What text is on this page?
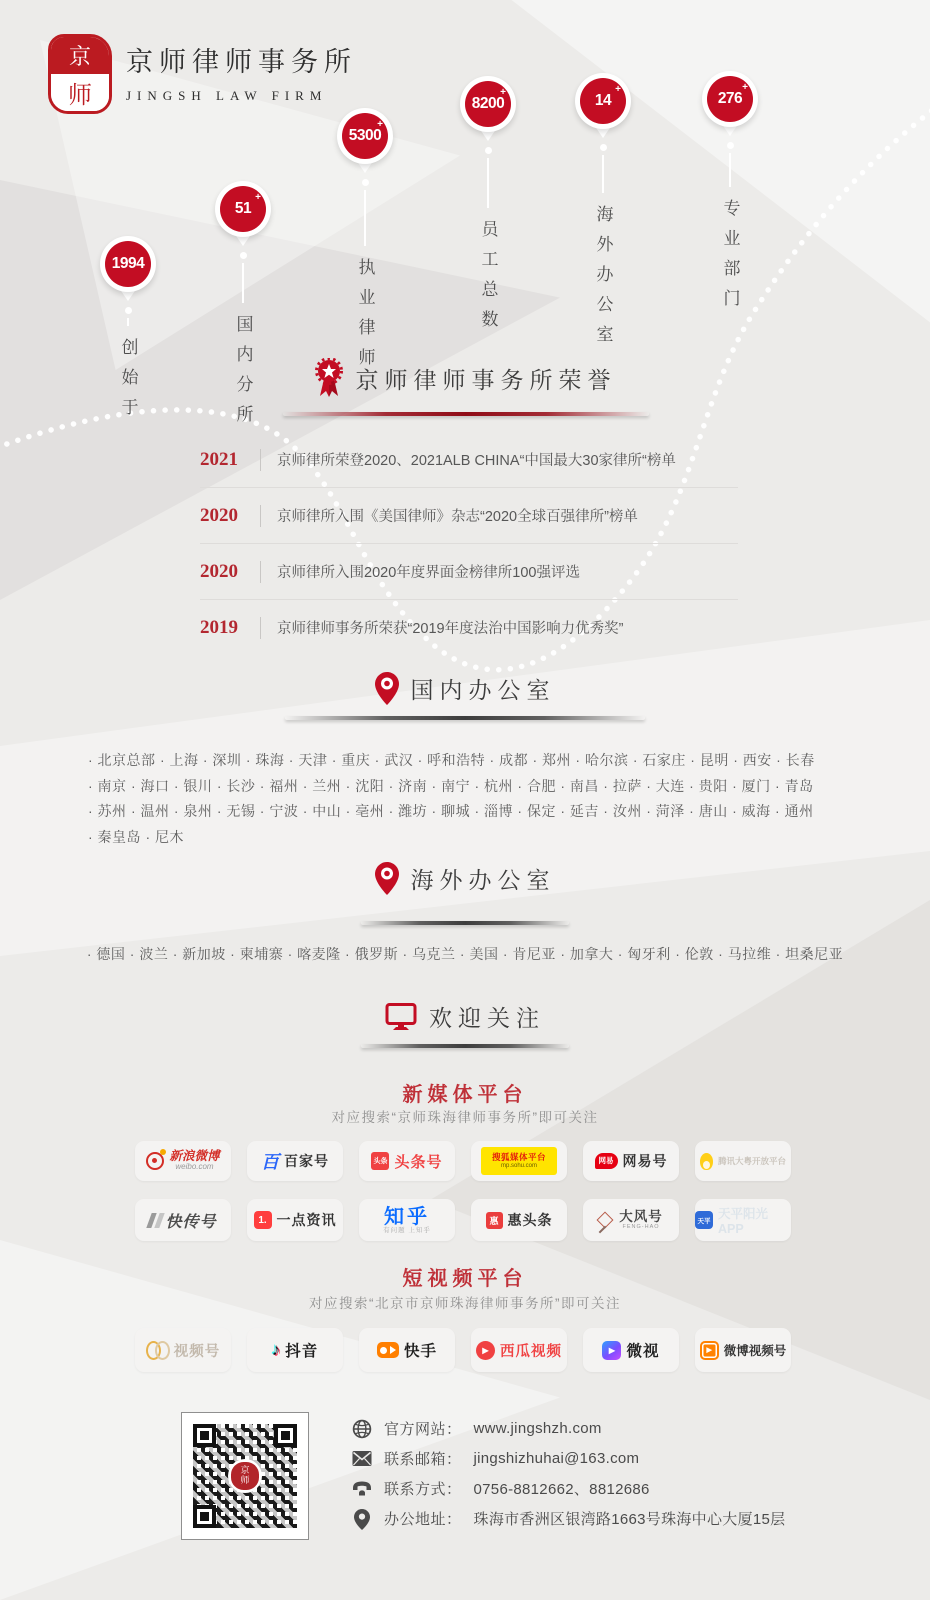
京
师
京师律师事务所
JINGSH LAW FIRM
1994
创始于
51
+
国内分所
5300
+
执业律师
8200
+
员工总数
14
+
海外办公室
276
+
专业部门
京师律师事务所荣誉
2021	京师律所荣登2020、2021ALB CHINA“中国最大30家律所“榜单
2020	京师律所入围《美国律师》杂志“2020全球百强律所”榜单
2020	京师律所入围2020年度界面金榜律所100强评选
2019	京师律师事务所荣获“2019年度法治中国影响力优秀奖”
国内办公室
· 北京总部 · 上海 · 深圳 · 珠海 · 天津 · 重庆 · 武汉 · 呼和浩特 · 成都 · 郑州 · 哈尔滨 · 石家庄 · 昆明 · 西安 · 长春
· 南京 · 海口 · 银川 · 长沙 · 福州 · 兰州 · 沈阳 · 济南 · 南宁 · 杭州 · 合肥 · 南昌 · 拉萨 · 大连 · 贵阳 · 厦门 · 青岛
· 苏州 · 温州 · 泉州 · 无锡 · 宁波 · 中山 · 亳州 · 潍坊 · 聊城 · 淄博 · 保定 · 延吉 · 汝州 · 菏泽 · 唐山 · 威海 · 通州
· 秦皇岛 · 尼木
海外办公室
· 德国 · 波兰 · 新加坡 · 柬埔寨 · 喀麦隆 · 俄罗斯 · 乌克兰 · 美国 · 肯尼亚 · 加拿大 · 匈牙利 · 伦敦 · 马拉维 · 坦桑尼亚
欢迎关注
新媒体平台
对应搜索“京师珠海律师事务所”即可关注
新浪微博
weibo.com	百 百家号	头条 头条号	搜狐媒体平台
mp.sohu.com
网易 网易号	腾讯大粤开放平台
快传号	1. 一点资讯 知乎
有问题 上知乎
惠 惠头条	大风号
FENG-HAO
天平 天平阳光APP
短视频平台
对应搜索“北京市京师珠海律师事务所”即可关注
视频号	♪ 抖音	快手	▶ 西瓜视频	▶ 微视	▶ 微博视频号
京
师
官方网站： www.jingshzh.com
联系邮箱： jingshizhuhai@163.com
联系方式： 0756-8812662、8812686
办公地址： 珠海市香洲区银湾路1663号珠海中心大厦15层
